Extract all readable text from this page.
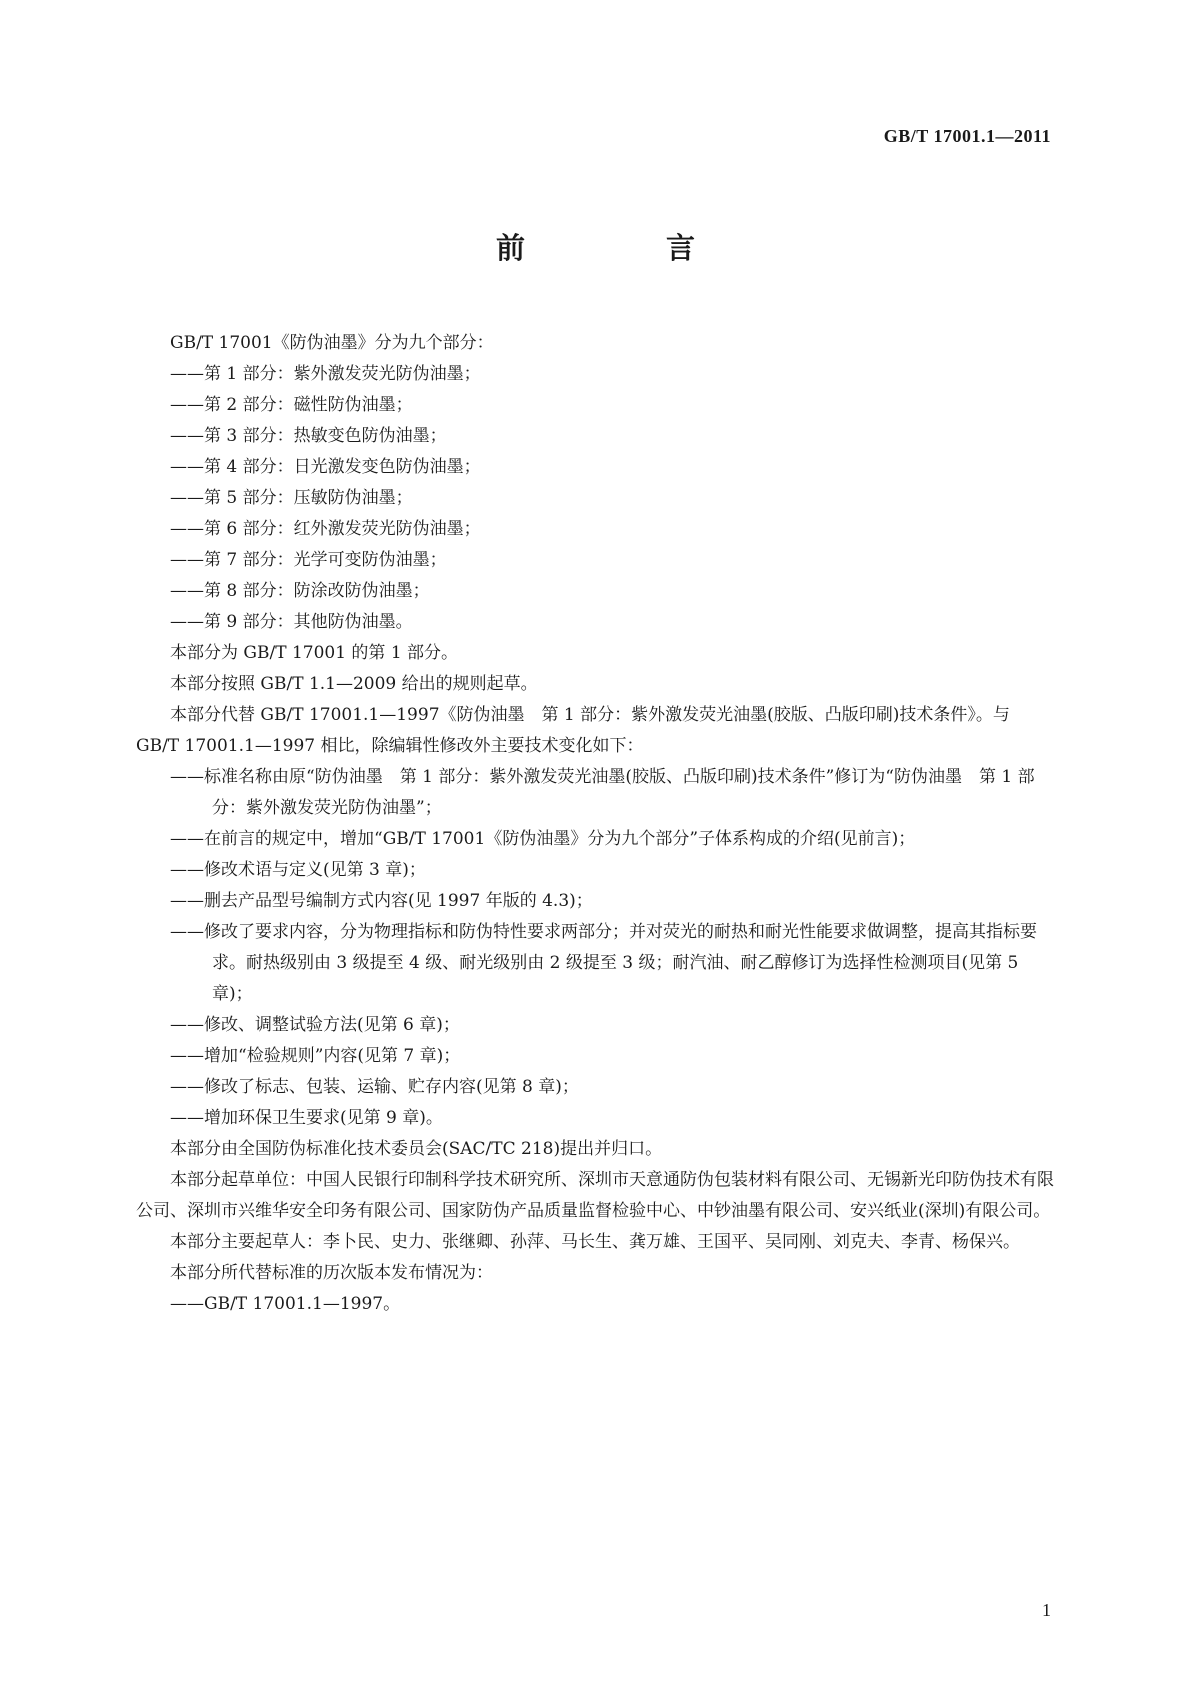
GB/T 17001.1—2011
前　言

GB/T 17001《防伪油墨》分为九个部分：

——第 1 部分：紫外激发荧光防伪油墨；

——第 2 部分：磁性防伪油墨；

——第 3 部分：热敏变色防伪油墨；

——第 4 部分：日光激发变色防伪油墨；

——第 5 部分：压敏防伪油墨；

——第 6 部分：红外激发荧光防伪油墨；

——第 7 部分：光学可变防伪油墨；

——第 8 部分：防涂改防伪油墨；

——第 9 部分：其他防伪油墨。

本部分为 GB/T 17001 的第 1 部分。

本部分按照 GB/T 1.1—2009 给出的规则起草。

本部分代替 GB/T 17001.1—1997《防伪油墨　第 1 部分：紫外激发荧光油墨(胶版、凸版印刷)技术条件》。与 GB/T 17001.1—1997 相比，除编辑性修改外主要技术变化如下：

——标准名称由原“防伪油墨　第 1 部分：紫外激发荧光油墨(胶版、凸版印刷)技术条件”修订为“防伪油墨　第 1 部分：紫外激发荧光防伪油墨”；

——在前言的规定中，增加“GB/T 17001《防伪油墨》分为九个部分”子体系构成的介绍(见前言)；

——修改术语与定义(见第 3 章)；

——删去产品型号编制方式内容(见 1997 年版的 4.3)；

——修改了要求内容，分为物理指标和防伪特性要求两部分；并对荧光的耐热和耐光性能要求做调整，提高其指标要求。耐热级别由 3 级提至 4 级、耐光级别由 2 级提至 3 级；耐汽油、耐乙醇修订为选择性检测项目(见第 5 章)；

——修改、调整试验方法(见第 6 章)；

——增加“检验规则”内容(见第 7 章)；

——修改了标志、包装、运输、贮存内容(见第 8 章)；

——增加环保卫生要求(见第 9 章)。

本部分由全国防伪标准化技术委员会(SAC/TC 218)提出并归口。

本部分起草单位：中国人民银行印制科学技术研究所、深圳市天意通防伪包装材料有限公司、无锡新光印防伪技术有限公司、深圳市兴维华安全印务有限公司、国家防伪产品质量监督检验中心、中钞油墨有限公司、安兴纸业(深圳)有限公司。

本部分主要起草人：李卜民、史力、张继卿、孙萍、马长生、龚万雄、王国平、吴同刚、刘克夫、李青、杨保兴。

本部分所代替标准的历次版本发布情况为：

——GB/T 17001.1—1997。

1
